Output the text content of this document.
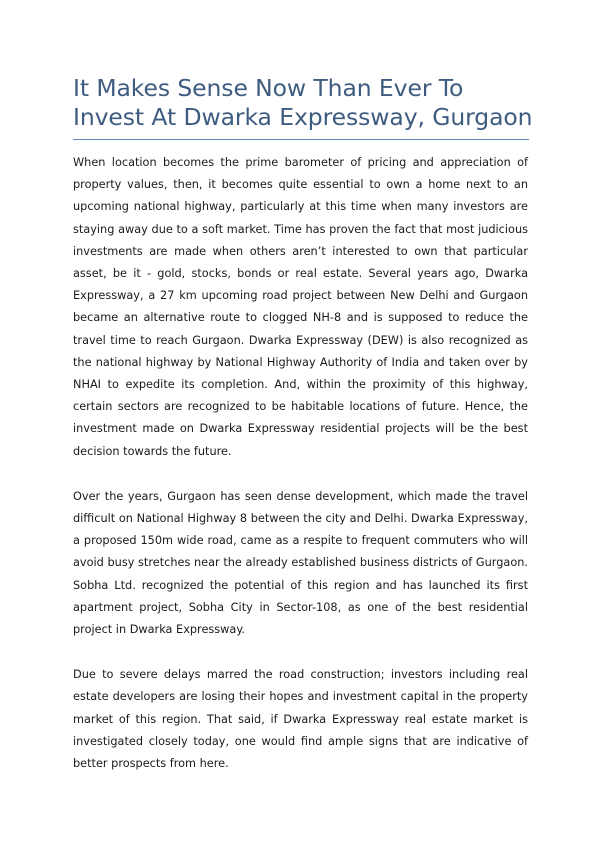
It Makes Sense Now Than Ever To Invest At Dwarka Expressway, Gurgaon

When location becomes the prime barometer of pricing and appreciation of property values, then, it becomes quite essential to own a home next to an upcoming national highway, particularly at this time when many investors are staying away due to a soft market. Time has proven the fact that most judicious investments are made when others aren’t interested to own that particular asset, be it - gold, stocks, bonds or real estate. Several years ago, Dwarka Expressway, a 27 km upcoming road project between New Delhi and Gurgaon became an alternative route to clogged NH-8 and is supposed to reduce the travel time to reach Gurgaon. Dwarka Expressway (DEW) is also recognized as the national highway by National Highway Authority of India and taken over by NHAI to expedite its completion. And, within the proximity of this highway, certain sectors are recognized to be habitable locations of future. Hence, the investment made on Dwarka Expressway residential projects will be the best decision towards the future.

Over the years, Gurgaon has seen dense development, which made the travel difficult on National Highway 8 between the city and Delhi. Dwarka Expressway, a proposed 150m wide road, came as a respite to frequent commuters who will avoid busy stretches near the already established business districts of Gurgaon. Sobha Ltd. recognized the potential of this region and has launched its first apartment project, Sobha City in Sector-108, as one of the best residential project in Dwarka Expressway.

Due to severe delays marred the road construction; investors including real estate developers are losing their hopes and investment capital in the property market of this region. That said, if Dwarka Expressway real estate market is investigated closely today, one would find ample signs that are indicative of better prospects from here.
